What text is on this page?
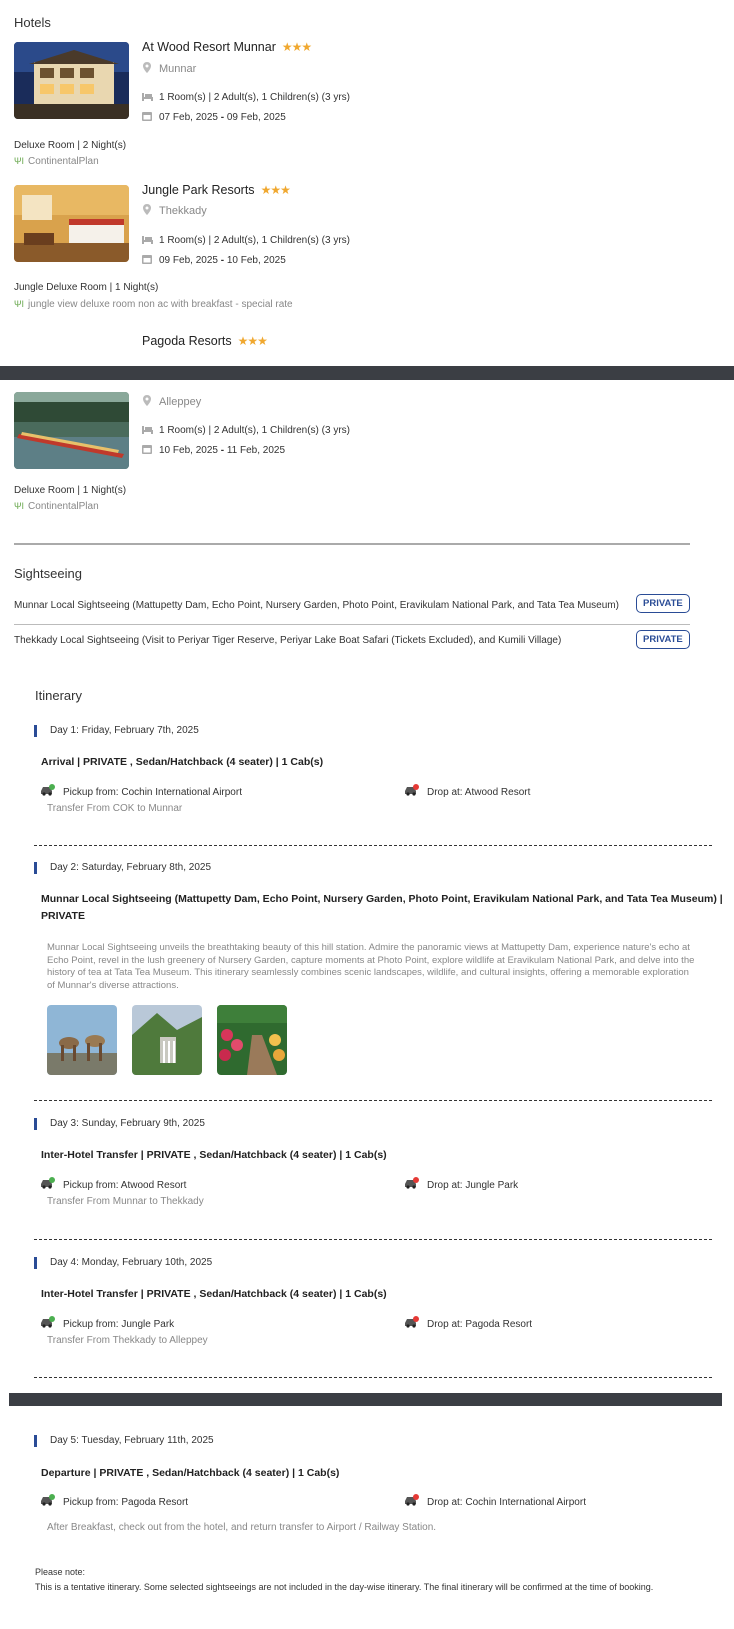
Hotels
At Wood Resort Munnar ★★★
Munnar
1 Room(s) | 2 Adult(s), 1 Children(s) (3 yrs)
07 Feb, 2025 - 09 Feb, 2025
Deluxe Room | 2 Night(s)
ΨΙ ContinentalPlan
Jungle Park Resorts ★★★
Thekkady
1 Room(s) | 2 Adult(s), 1 Children(s) (3 yrs)
09 Feb, 2025 - 10 Feb, 2025
Jungle Deluxe Room | 1 Night(s)
ΨΙ jungle view deluxe room non ac with breakfast - special rate
Pagoda Resorts ★★★
Alleppey
1 Room(s) | 2 Adult(s), 1 Children(s) (3 yrs)
10 Feb, 2025 - 11 Feb, 2025
Deluxe Room | 1 Night(s)
ΨΙ ContinentalPlan
Sightseeing
Munnar Local Sightseeing (Mattupetty Dam, Echo Point, Nursery Garden, Photo Point, Eravikulam National Park, and Tata Tea Museum)	PRIVATE
Thekkady Local Sightseeing (Visit to Periyar Tiger Reserve, Periyar Lake Boat Safari (Tickets Excluded), and Kumili Village)	PRIVATE
Itinerary
Day 1: Friday, February 7th, 2025
Arrival | PRIVATE , Sedan/Hatchback (4 seater) | 1 Cab(s)
Pickup from: Cochin International Airport	Drop at: Atwood Resort
Transfer From COK to Munnar
Day 2: Saturday, February 8th, 2025
Munnar Local Sightseeing (Mattupetty Dam, Echo Point, Nursery Garden, Photo Point, Eravikulam National Park, and Tata Tea Museum) |
PRIVATE
Munnar Local Sightseeing unveils the breathtaking beauty of this hill station. Admire the panoramic views at Mattupetty Dam, experience nature's echo at Echo Point, revel in the lush greenery of Nursery Garden, capture moments at Photo Point, explore wildlife at Eravikulam National Park, and delve into the history of tea at Tata Tea Museum. This itinerary seamlessly combines scenic landscapes, wildlife, and cultural insights, offering a memorable exploration of Munnar's diverse attractions.
Day 3: Sunday, February 9th, 2025
Inter-Hotel Transfer | PRIVATE , Sedan/Hatchback (4 seater) | 1 Cab(s)
Pickup from: Atwood Resort	Drop at: Jungle Park
Transfer From Munnar to Thekkady
Day 4: Monday, February 10th, 2025
Inter-Hotel Transfer | PRIVATE , Sedan/Hatchback (4 seater) | 1 Cab(s)
Pickup from: Jungle Park	Drop at: Pagoda Resort
Transfer From Thekkady to Alleppey
Day 5: Tuesday, February 11th, 2025
Departure | PRIVATE , Sedan/Hatchback (4 seater) | 1 Cab(s)
Pickup from: Pagoda Resort	Drop at: Cochin International Airport
After Breakfast, check out from the hotel, and return transfer to Airport / Railway Station.
Please note:
This is a tentative itinerary. Some selected sightseeings are not included in the day-wise itinerary. The final itinerary will be confirmed at the time of booking.
